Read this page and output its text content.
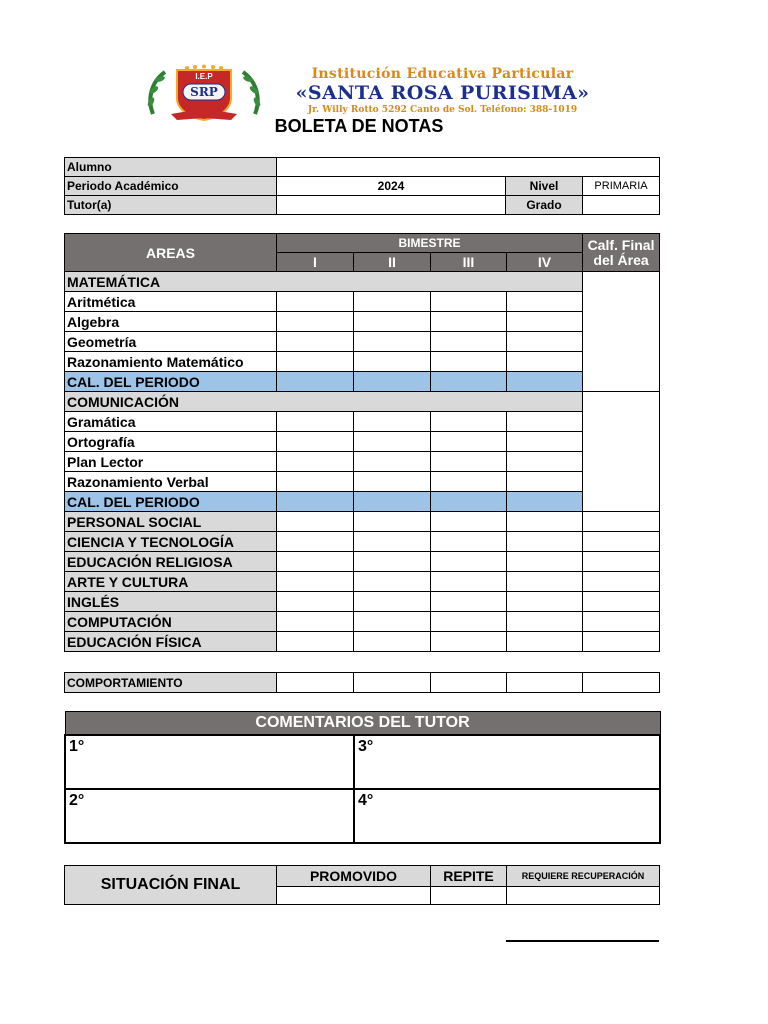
I.E.P
SRP
Institución Educativa Particular
«SANTA ROSA PURISIMA»
Jr. Willy Rotto 5292 Canto de Sol. Teléfono: 388-1019
BOLETA DE NOTAS
Alumno			
Periodo Académico	2024	Nivel	PRIMARIA
Tutor(a)		Grado	
AREAS	BIMESTRE				Calf. Final del Área
	I	II	III	IV	
MATEMÁTICA					
Aritmética					
Algebra					
Geometría					
Razonamiento Matemático					
CAL. DEL PERIODO					
COMUNICACIÓN					
Gramática					
Ortografía					
Plan Lector					
Razonamiento Verbal					
CAL. DEL PERIODO					
PERSONAL SOCIAL					
CIENCIA Y TECNOLOGÍA					
EDUCACIÓN RELIGIOSA					
ARTE Y CULTURA					
INGLÉS					
COMPUTACIÓN					
EDUCACIÓN FÍSICA					
COMPORTAMIENTO					
COMENTARIOS DEL TUTOR	
1°	3°
2°	4°
SITUACIÓN FINAL	PROMOVIDO	REPITE	REQUIERE RECUPERACIÓN
